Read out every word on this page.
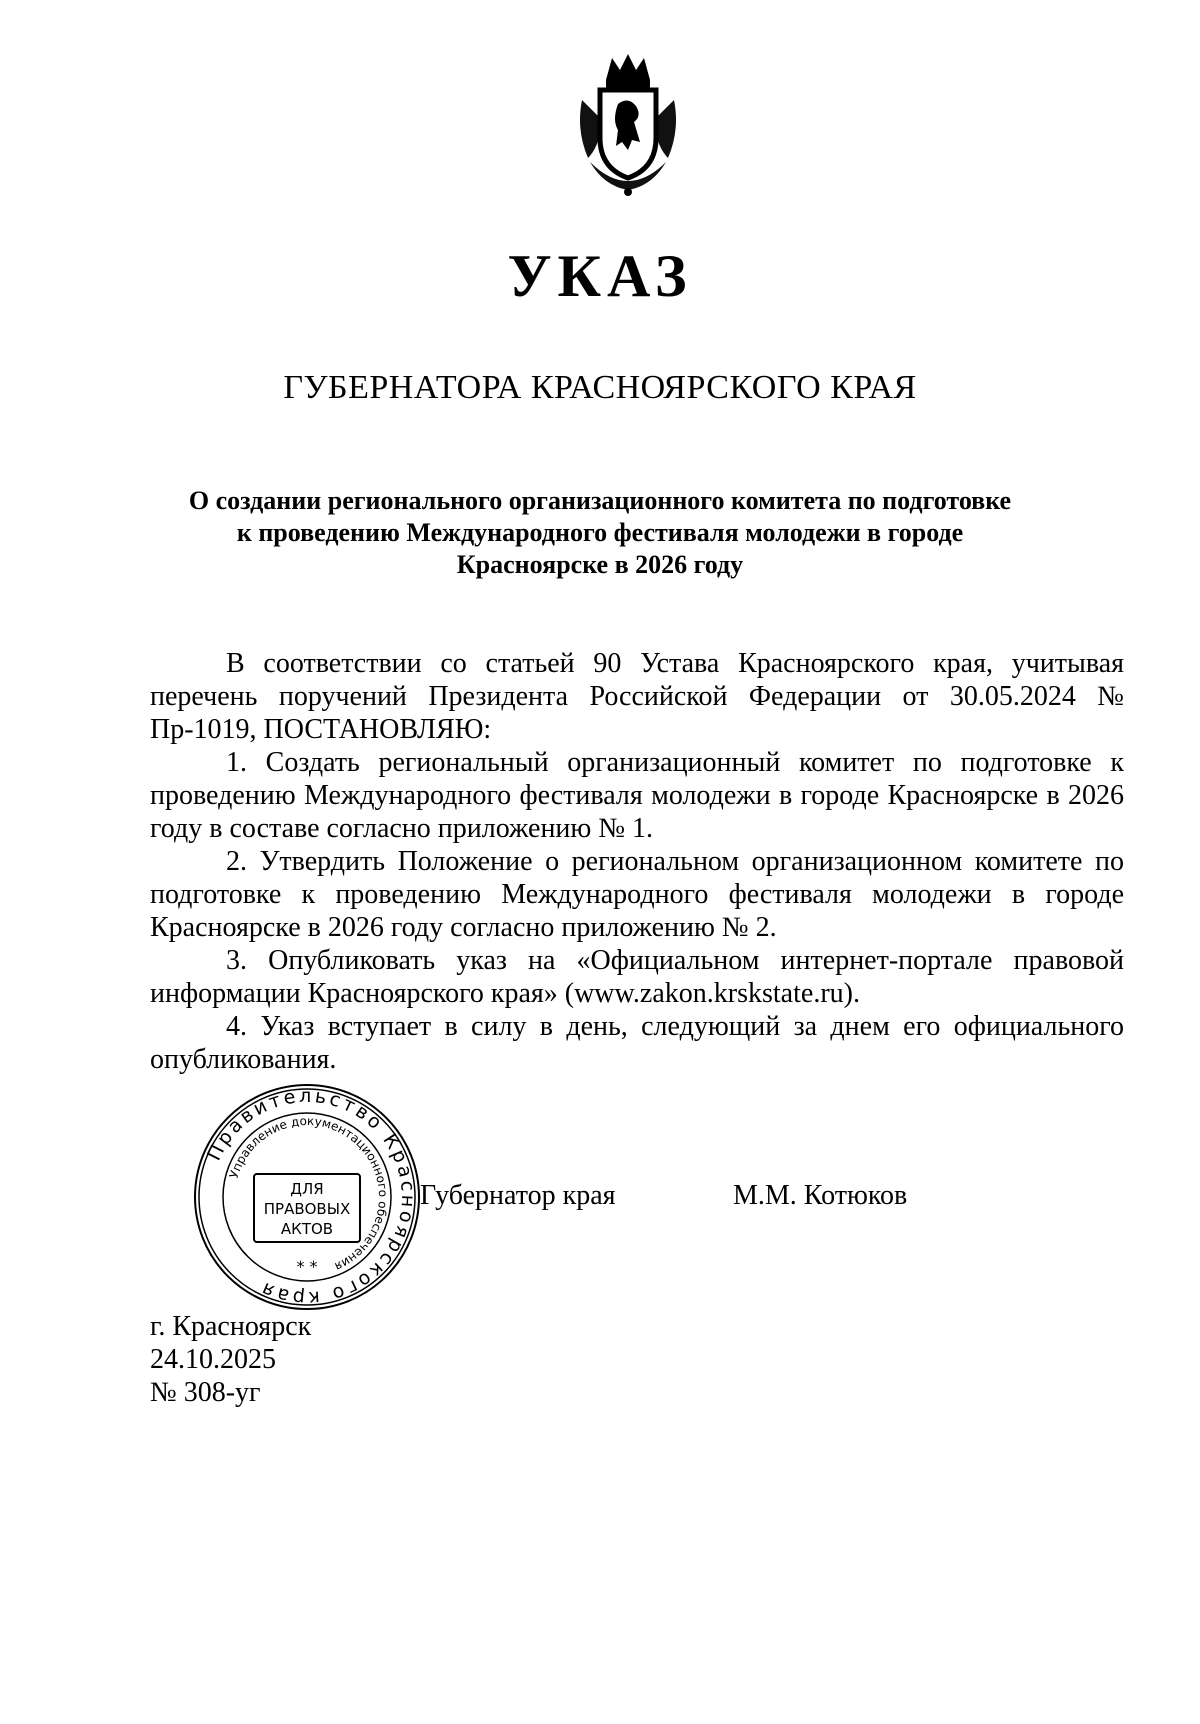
УКАЗ
ГУБЕРНАТОРА КРАСНОЯРСКОГО КРАЯ
О создании регионального организационного комитета по подготовке
к проведению Международного фестиваля молодежи в городе
Красноярске в 2026 году

В соответствии со статьей 90 Устава Красноярского края, учитывая перечень поручений Президента Российской Федерации от 30.05.2024 № Пр-1019, ПОСТАНОВЛЯЮ:

1. Создать региональный организационный комитет по подготовке к проведению Международного фестиваля молодежи в городе Красноярске в 2026 году в составе согласно приложению № 1.

2. Утвердить Положение о региональном организационном комитете по подготовке к проведению Международного фестиваля молодежи в городе Красноярске в 2026 году согласно приложению № 2.

3. Опубликовать указ на «Официальном интернет-портале правовой информации Красноярского края» (www.zakon.krskstate.ru).

4. Указ вступает в силу в день, следующий за днем его официального опубликования.

Правительство Красноярского края
Управление документационного обеспечения
ДЛЯ
ПРАВОВЫХ
АКТОВ
* *
Губернатор края	М.М. Котюков
г. Красноярск
24.10.2025
№ 308-уг
